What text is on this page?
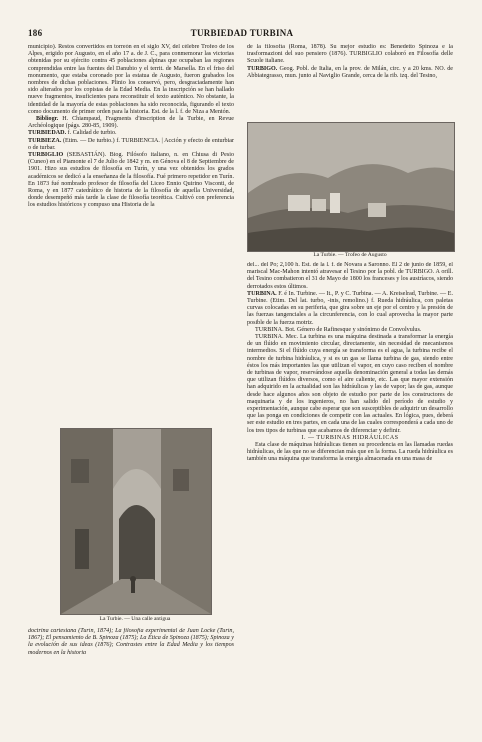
186	TURBIEDAD TURBINA

municipio). Restos convertidos en torreón en el siglo XV, del célebre Trofeo de los Alpes, erigido por Augusto, en el año 17 a. de J. C., para conmemorar las victorias obtenidas por su ejército contra 45 poblaciones alpinas que ocupaban las regiones comprendidas entre las fuentes del Danubio y el territ. de Marsella. En el friso del monumento, que estaba coronado por la estatua de Augusto, fueron grabados los nombres de dichas poblaciones. Plinio los conservó, pero, desgraciadamente han sido alterados por los copistas de la Edad Media. En la inscripción se han hallado nueve fragmentos, insuficientes para reconstituir el texto auténtico. No obstante, la identidad de la mayoría de estas poblaciones ha sido reconocida, figurando el texto como documento de primer orden para la historia. Est. de la l. f. de Niza a Mentón.

Bibliogr. H. Chiampaud, Fragments d'inscription de la Turbie, en Revue Archéologique (págs. 280-85, 1909).

TURBIEDAD. f. Calidad de turbio.

TURBIEZA. (Etim. — De turbio.) f. TURBIENCIA. | Acción y efecto de enturbiar o de turbar.

TURBIGLIO (SEBASTIÁN). Biog. Filósofo italiano, n. en Chiusa di Pesio (Cuneo) en el Piamonte el 7 de Julio de 1842 y m. en Génova el 8 de Septiembre de 1901. Hizo sus estudios de filosofía en Turín, y una vez obtenidos los grados académicos se dedicó a la enseñanza de la filosofía. Fué primero repetidor en Turín. En 1873 fué nombrado profesor de filosofía del Liceo Ennio Quirino Visconti, de Roma, y en 1877 catedrático de historia de la filosofía de aquella Universidad, donde desempeñó más tarde la clase de filosofía teorética. Cultivó con preferencia los estudios históricos y compuso una Historia de la

La Turbie. — Una calle antigua

doctrina cartesiana (Turín, 1874); La filosofía experimental de Juan Locke (Turín, 1867); El pensamiento de B. Spinoza (1875); La Ética de Spinoza (1875); Spinoza y la evolución de sus ideas (1876); Contrastes entre la Edad Media y los tiempos modernos en la historia

de la filosofía (Roma, 1878). Su mejor estudio es: Benedetto Spinoza e la trasformazioni del suo pensiero (1876). TURBIGLIO colaboró en Filosofía delle Scuole italiane.

TURBIGO. Geog. Pobl. de Italia, en la prov. de Milán, circ. y a 20 kms. NO. de Abbiategrasso, mun. junto al Naviglio Grande, cerca de la rib. izq. del Tesino,

La Turbie. — Trofeo de Augusto

del... del Po; 2,100 h. Est. de la l. f. de Novara a Saronno. El 2 de junio de 1859, el mariscal Mac-Mahon intentó atravesar el Tesino por la pobl. de TURBIGO. A orill. del Tesino combatieron el 31 de Mayo de 1800 los franceses y los austríacos, siendo derrotados estos últimos.

TURBINA. F. é In. Turbine. — It., P. y C. Turbina. — A. Kreiselrad, Turbine. — E. Turbine. (Etim. Del lat. turbo, -inis, remolino.) f. Rueda hidráulica, con paletas curvas colocadas en su periferia, que gira sobre un eje por el centro y la presión de las fuerzas tangenciales a la circunferencia, con lo cual aprovecha la mayor parte posible de la fuerza motriz.

TURBINA. Bot. Género de Rafinesque y sinónimo de Convolvulus.

TURBINA. Mec. La turbina es una máquina destinada a transformar la energía de un flúido en movimiento circular, directamente, sin necesidad de mecanismos intermedios. Si el flúido cuya energía se transforma es el agua, la turbina recibe el nombre de turbina hidráulica, y si es un gas se llama turbina de gas, siendo entre éstos los más importantes las que utilizan el vapor, en cuyo caso reciben el nombre de turbinas de vapor, reservándose aquella denominación general a todas las demás que utilizan flúidos diversos, como el aire caliente, etc. Las que mayor extensión han adquirido en la actualidad son las hidráulicas y las de vapor; las de gas, aunque desde hace algunos años son objeto de estudio por parte de los constructores de maquinaria y de los ingenieros, no han salido del período de estudio y experimentación, aunque cabe esperar que son susceptibles de adquirir un desarrollo que las ponga en condiciones de competir con las actuales. En lógica, pues, deberá ser este estudio en tres partes, en cada una de las cuales corresponderá a cada uno de los tres tipos de turbinas que acabamos de diferenciar y definir.

I. — TURBINAS HIDRÁULICAS

Esta clase de máquinas hidráulicas tienen su procedencia en las llamadas ruedas hidráulicas, de las que no se diferencian más que en la forma. La rueda hidráulica es también una máquina que transforma la energía almacenada en una masa de
